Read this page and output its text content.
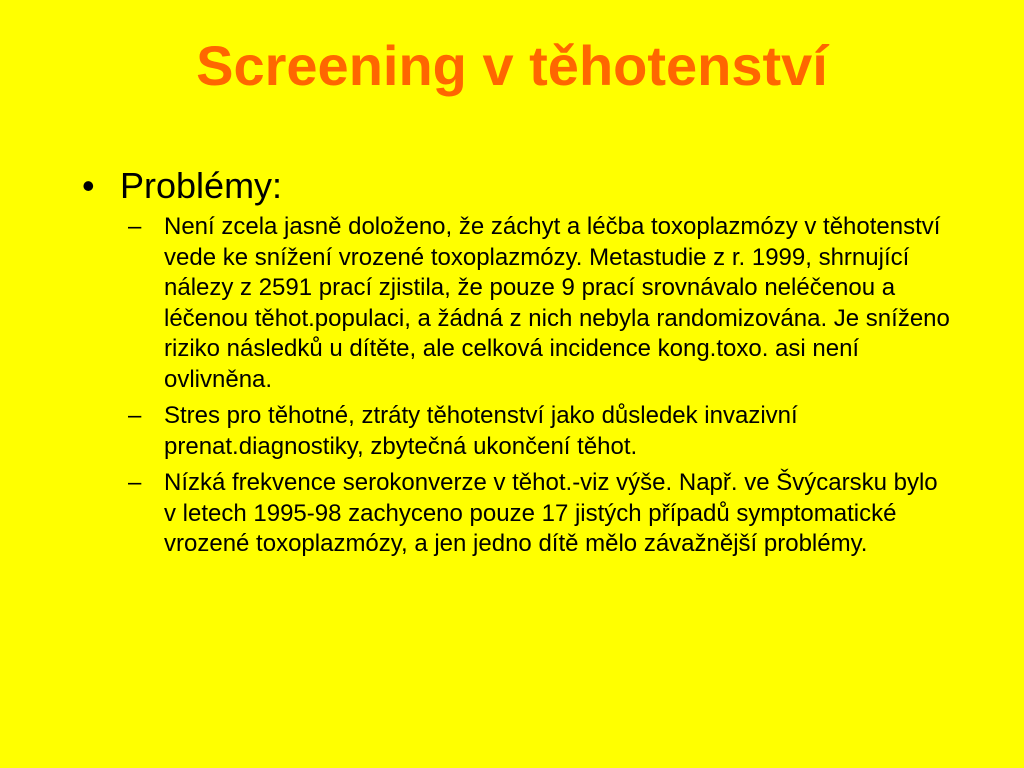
Screening v těhotenství
• Problémy:
– Není zcela jasně doloženo, že záchyt a léčba toxoplazmózy v těhotenství vede ke snížení vrozené toxoplazmózy. Metastudie z r. 1999, shrnující nálezy z 2591 prací zjistila, že pouze 9 prací srovnávalo neléčenou a léčenou těhot.populaci, a žádná z nich nebyla randomizována. Je sníženo riziko následků u dítěte, ale celková incidence kong.toxo. asi není ovlivněna.
– Stres pro těhotné, ztráty těhotenství jako důsledek invazivní prenat.diagnostiky, zbytečná ukončení těhot.
– Nízká frekvence serokonverze v těhot.-viz výše. Např. ve Švýcarsku bylo v letech 1995-98 zachyceno pouze 17 jistých případů symptomatické vrozené toxoplazmózy, a jen jedno dítě mělo závažnější problémy.
